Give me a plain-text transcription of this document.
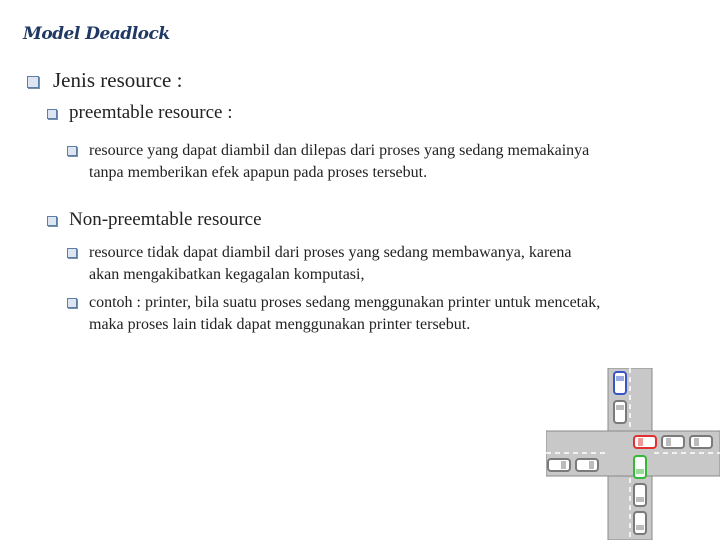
Model Deadlock
Jenis resource :
preemtable resource :
resource yang dapat diambil dan dilepas dari proses yang sedang memakainya
tanpa memberikan efek apapun pada proses tersebut.
Non-preemtable resource
resource tidak dapat diambil dari proses yang sedang membawanya, karena
akan mengakibatkan kegagalan komputasi,
contoh : printer, bila suatu proses sedang menggunakan printer untuk mencetak,
maka proses lain tidak dapat menggunakan printer tersebut.
